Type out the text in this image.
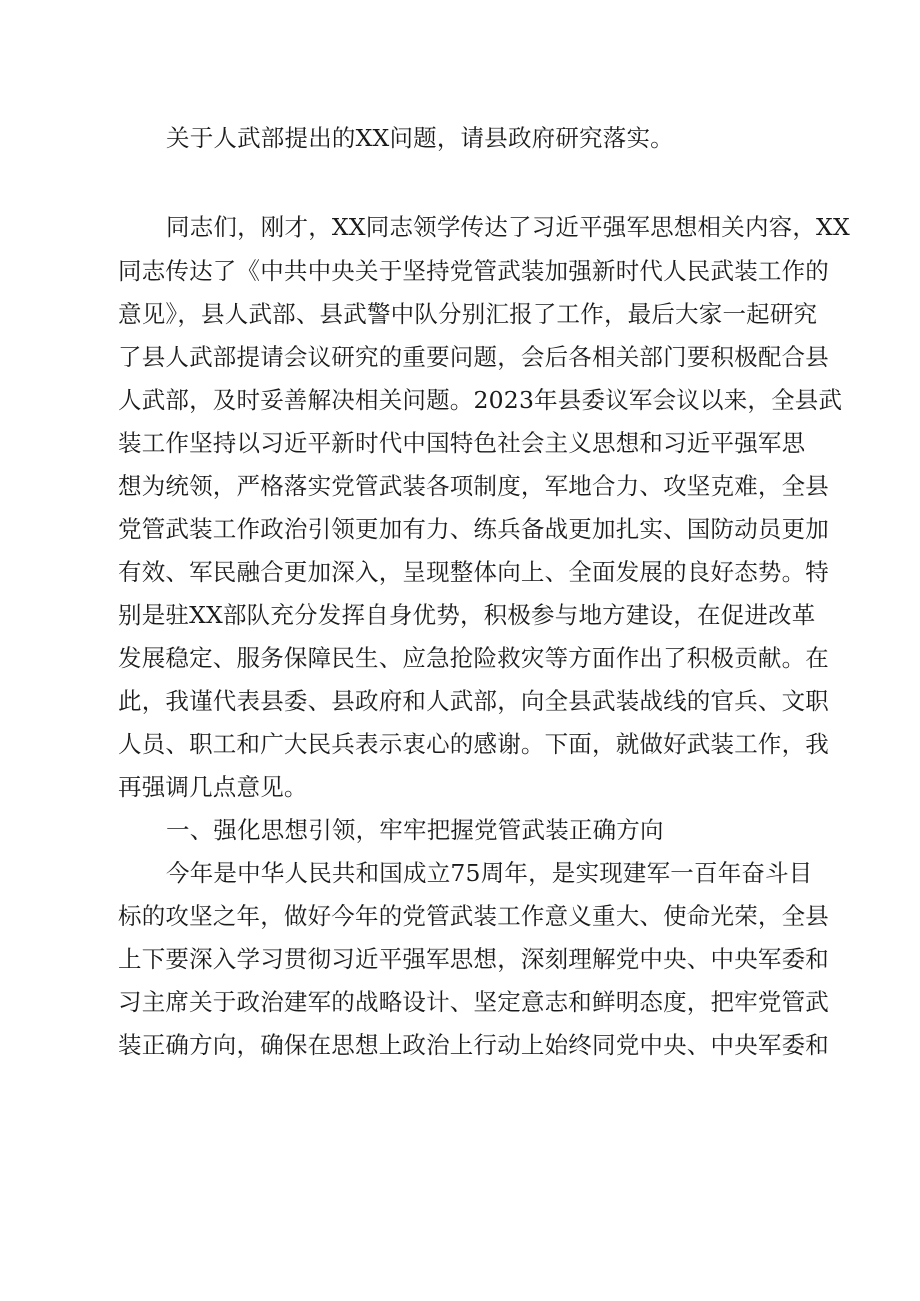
关于人武部提出的XX问题，请县政府研究落实。

同志们，刚才，XX同志领学传达了习近平强军思想相关内容，XX

同志传达了《中共中央关于坚持党管武装加强新时代人民武装工作的

意见》，县人武部、县武警中队分别汇报了工作，最后大家一起研究

了县人武部提请会议研究的重要问题，会后各相关部门要积极配合县

人武部，及时妥善解决相关问题。2023年县委议军会议以来，全县武

装工作坚持以习近平新时代中国特色社会主义思想和习近平强军思

想为统领，严格落实党管武装各项制度，军地合力、攻坚克难，全县

党管武装工作政治引领更加有力、练兵备战更加扎实、国防动员更加

有效、军民融合更加深入，呈现整体向上、全面发展的良好态势。特

别是驻XX部队充分发挥自身优势，积极参与地方建设，在促进改革

发展稳定、服务保障民生、应急抢险救灾等方面作出了积极贡献。在

此，我谨代表县委、县政府和人武部，向全县武装战线的官兵、文职

人员、职工和广大民兵表示衷心的感谢。下面，就做好武装工作，我

再强调几点意见。

一、强化思想引领，牢牢把握党管武装正确方向

今年是中华人民共和国成立75周年，是实现建军一百年奋斗目

标的攻坚之年，做好今年的党管武装工作意义重大、使命光荣，全县

上下要深入学习贯彻习近平强军思想，深刻理解党中央、中央军委和

习主席关于政治建军的战略设计、坚定意志和鲜明态度，把牢党管武

装正确方向，确保在思想上政治上行动上始终同党中央、中央军委和
